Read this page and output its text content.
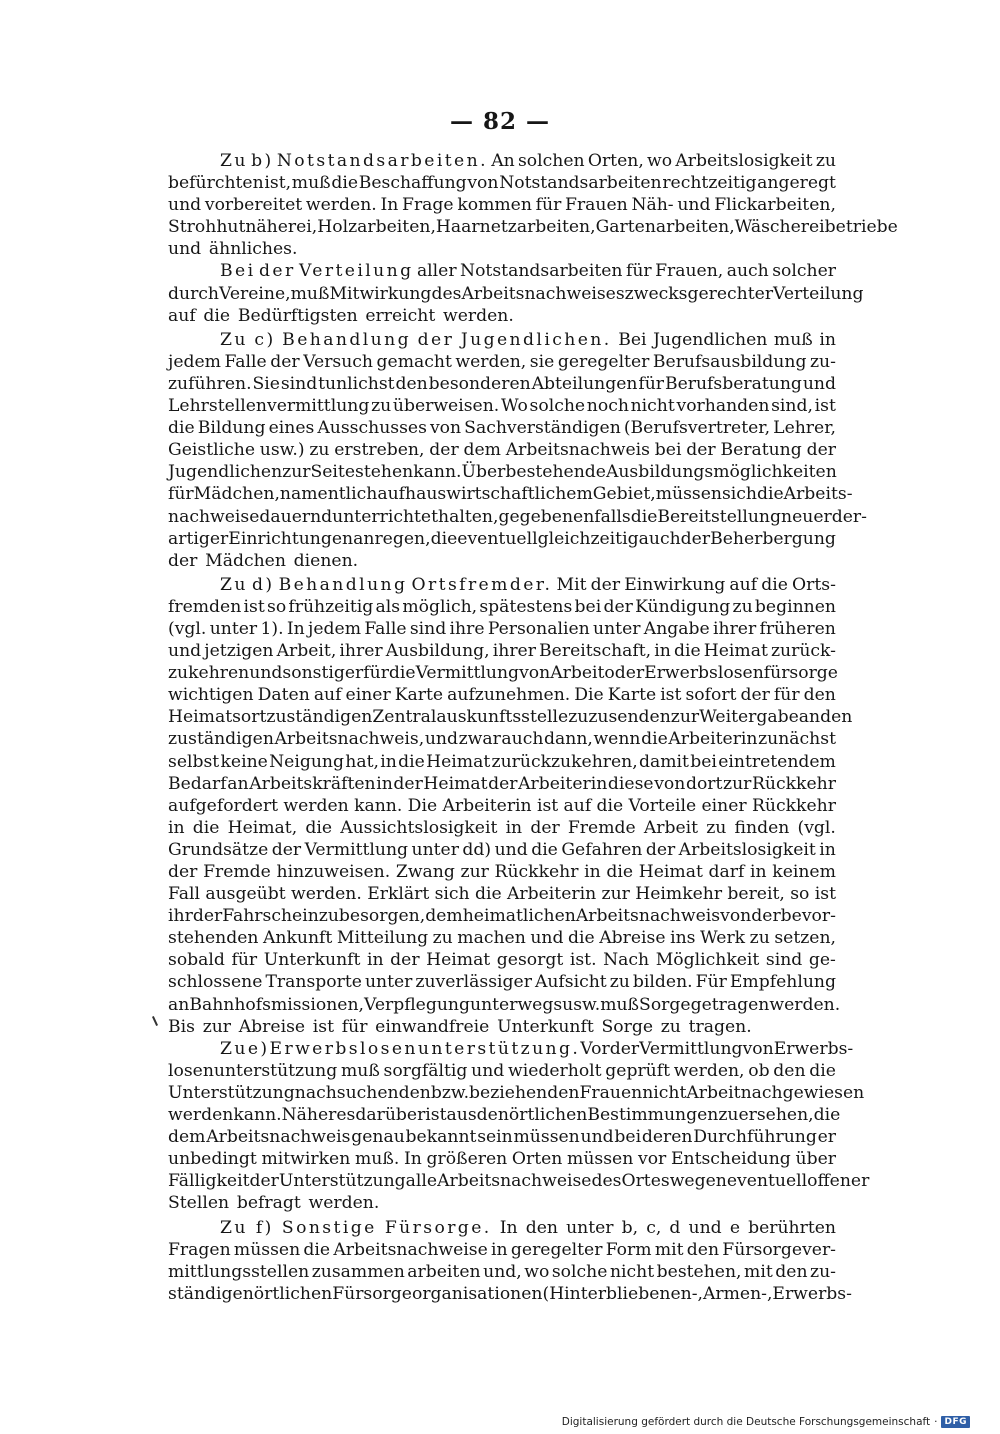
— 82 —
Zu b) Notstandsarbeiten. An solchen Orten, wo Arbeitslosigkeit zu
befürchten ist, muß die Beschaffung von Notstandsarbeiten rechtzeitig angeregt
und vorbereitet werden. In Frage kommen für Frauen Näh- und Flickarbeiten,
Strohhutnäherei, Holzarbeiten, Haarnetzarbeiten, Gartenarbeiten, Wäschereibetriebe
und ähnliches.
Bei der Verteilung aller Notstandsarbeiten für Frauen, auch solcher
durch Vereine, muß Mitwirkung des Arbeitsnachweises zwecks gerechter Verteilung
auf die Bedürftigsten erreicht werden.
Zu c) Behandlung der Jugendlichen. Bei Jugendlichen muß in
jedem Falle der Versuch gemacht werden, sie geregelter Berufsausbildung zu-
zuführen. Sie sind tunlichst den besonderen Abteilungen für Berufsberatung und
Lehrstellenvermittlung zu überweisen. Wo solche noch nicht vorhanden sind, ist
die Bildung eines Ausschusses von Sachverständigen (Berufsvertreter, Lehrer,
Geistliche usw.) zu erstreben, der dem Arbeitsnachweis bei der Beratung der
Jugendlichen zur Seite stehen kann. Über bestehende Ausbildungsmöglichkeiten
für Mädchen, namentlich auf hauswirtschaftlichem Gebiet, müssen sich die Arbeits-
nachweise dauernd unterrichtet halten, gegebenenfalls die Bereitstellung neuer der-
artiger Einrichtungen anregen, die eventuell gleichzeitig auch der Beherbergung
der Mädchen dienen.
Zu d) Behandlung Ortsfremder. Mit der Einwirkung auf die Orts-
fremden ist so frühzeitig als möglich, spätestens bei der Kündigung zu beginnen
(vgl. unter 1). In jedem Falle sind ihre Personalien unter Angabe ihrer früheren
und jetzigen Arbeit, ihrer Ausbildung, ihrer Bereitschaft, in die Heimat zurück-
zukehren und sonstiger für die Vermittlung von Arbeit oder Erwerbslosenfürsorge
wichtigen Daten auf einer Karte aufzunehmen. Die Karte ist sofort der für den
Heimatsort zuständigen Zentralauskunftsstelle zuzusenden zur Weitergabe an den
zuständigen Arbeitsnachweis, und zwar auch dann, wenn die Arbeiterin zunächst
selbst keine Neigung hat, in die Heimat zurückzukehren, damit bei eintretendem
Bedarf an Arbeitskräften in der Heimat der Arbeiterin diese von dort zur Rückkehr
aufgefordert werden kann. Die Arbeiterin ist auf die Vorteile einer Rückkehr
in die Heimat, die Aussichtslosigkeit in der Fremde Arbeit zu finden (vgl.
Grundsätze der Vermittlung unter dd) und die Gefahren der Arbeitslosigkeit in
der Fremde hinzuweisen. Zwang zur Rückkehr in die Heimat darf in keinem
Fall ausgeübt werden. Erklärt sich die Arbeiterin zur Heimkehr bereit, so ist
ihr der Fahrschein zu besorgen, dem heimatlichen Arbeitsnachweis von der bevor-
stehenden Ankunft Mitteilung zu machen und die Abreise ins Werk zu setzen,
sobald für Unterkunft in der Heimat gesorgt ist. Nach Möglichkeit sind ge-
schlossene Transporte unter zuverlässiger Aufsicht zu bilden. Für Empfehlung
an Bahnhofsmissionen, Verpflegung unterwegs usw. muß Sorge getragen werden.
Bis zur Abreise ist für einwandfreie Unterkunft Sorge zu tragen.
Zu e) Erwerbslosenunterstützung. Vor der Vermittlung von Erwerbs-
losenunterstützung muß sorgfältig und wiederholt geprüft werden, ob den die
Unterstützung nachsuchenden bzw. beziehenden Frauen nicht Arbeit nachgewiesen
werden kann. Näheres darüber ist aus den örtlichen Bestimmungen zu ersehen, die
dem Arbeitsnachweis genau bekannt sein müssen und bei deren Durchführung er
unbedingt mitwirken muß. In größeren Orten müssen vor Entscheidung über
Fälligkeit der Unterstützung alle Arbeitsnachweise des Ortes wegen eventuell offener
Stellen befragt werden.
Zu f) Sonstige Fürsorge. In den unter b, c, d und e berührten
Fragen müssen die Arbeitsnachweise in geregelter Form mit den Fürsorgever-
mittlungsstellen zusammen arbeiten und, wo solche nicht bestehen, mit den zu-
ständigen örtlichen Fürsorgeorganisationen (Hinterbliebenen-, Armen-, Erwerbs-
Digitalisierung gefördert durch die Deutsche Forschungsgemeinschaft · DFG
